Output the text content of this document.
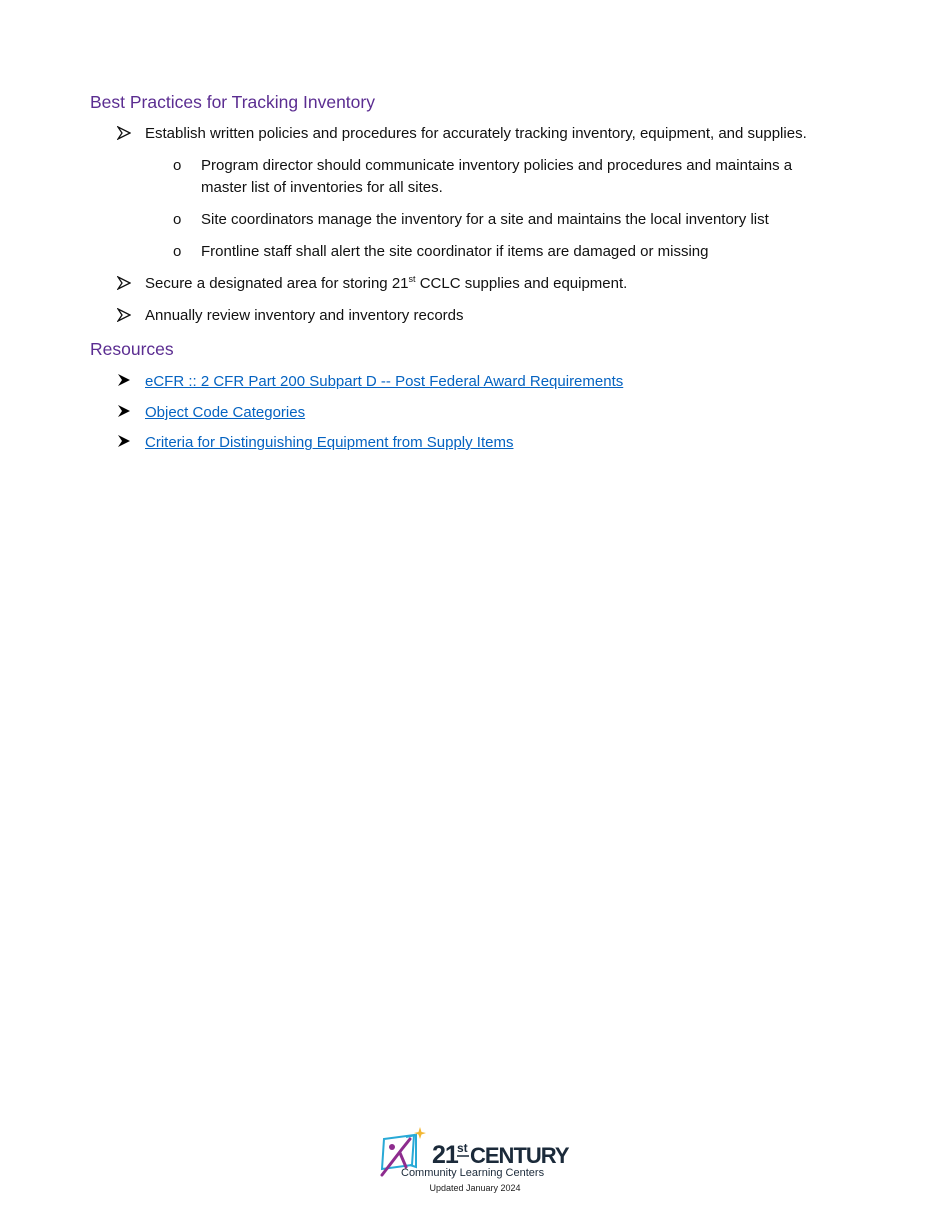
Best Practices for Tracking Inventory
Establish written policies and procedures for accurately tracking inventory, equipment, and supplies.
o Program director should communicate inventory policies and procedures and maintains a
master list of inventories for all sites.
o Site coordinators manage the inventory for a site and maintains the local inventory list
o Frontline staff shall alert the site coordinator if items are damaged or missing
Secure a designated area for storing 21st CCLC supplies and equipment.
Annually review inventory and inventory records
Resources
eCFR :: 2 CFR Part 200 Subpart D -- Post Federal Award Requirements
Object Code Categories
Criteria for Distinguishing Equipment from Supply Items
21 st CENTURY
Community Learning Centers
Updated January 2024
